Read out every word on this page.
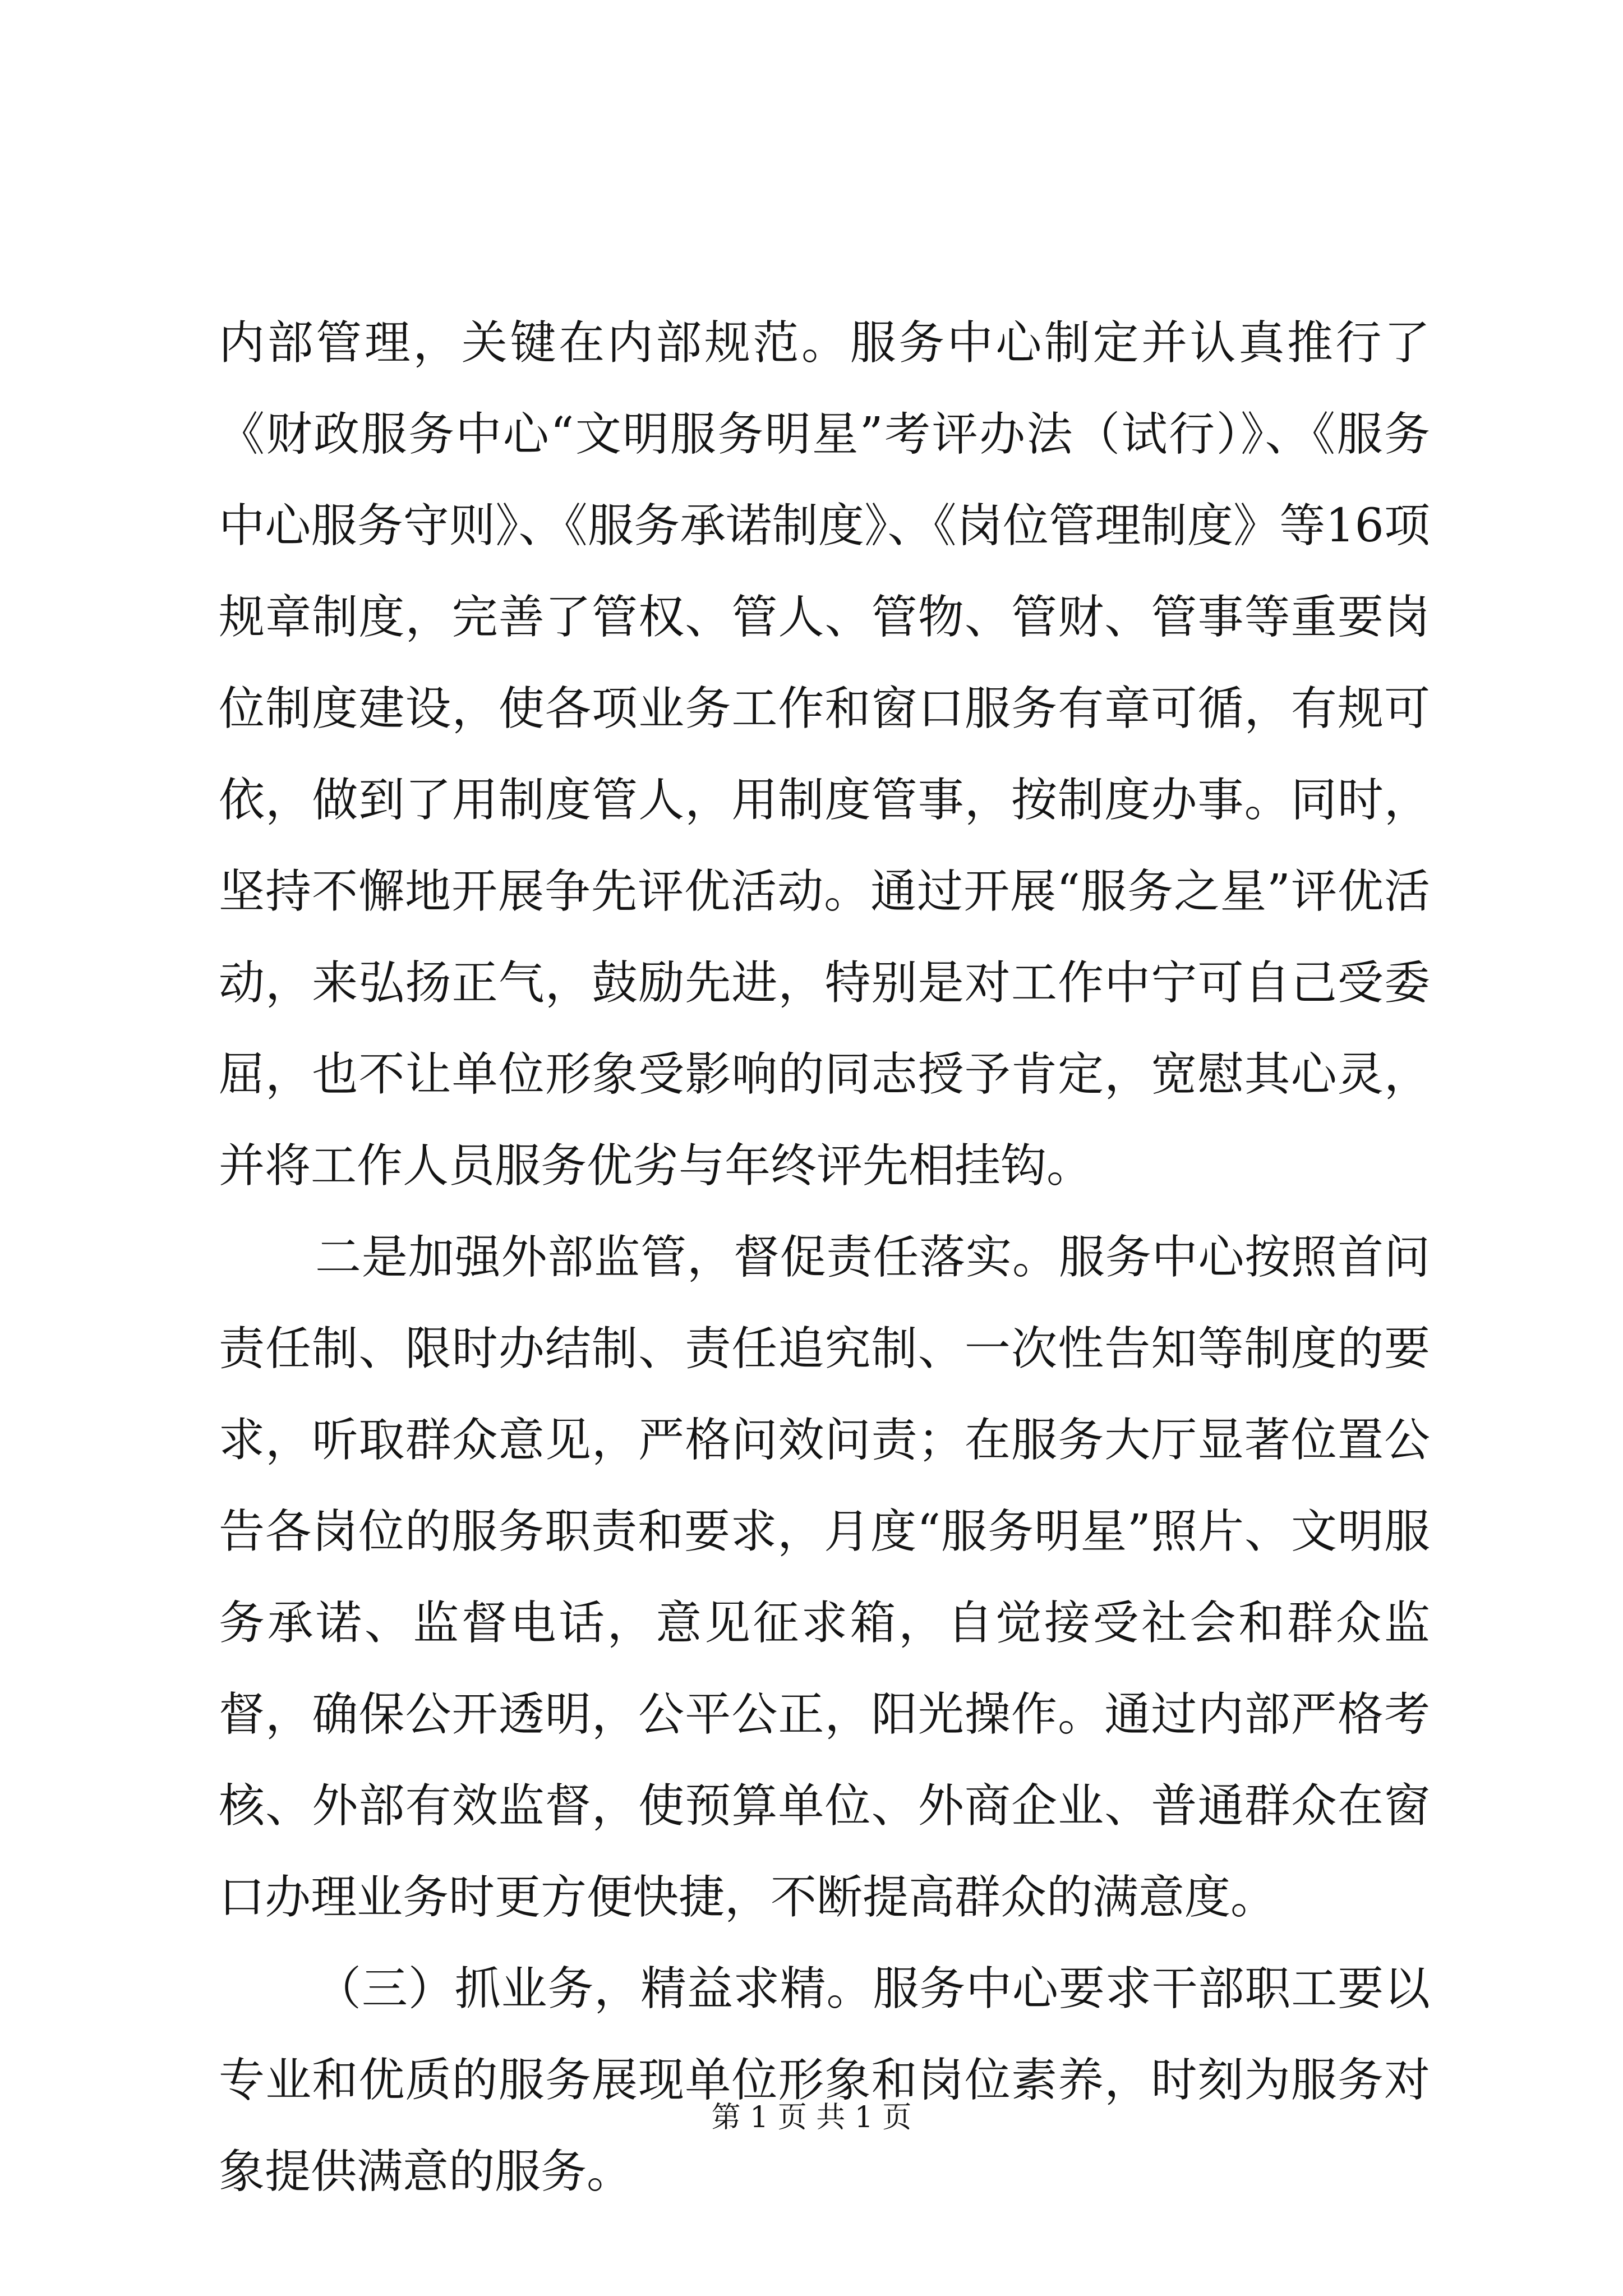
内部管理，关键在内部规范。服务中心制定并认真推行了《财政服务中心“文明服务明星”考评办法（试行）》、《服务中心服务守则》、《服务承诺制度》、《岗位管理制度》等16项规章制度，完善了管权、管人、管物、管财、管事等重要岗位制度建设，使各项业务工作和窗口服务有章可循，有规可依，做到了用制度管人，用制度管事，按制度办事。同时，坚持不懈地开展争先评优活动。通过开展“服务之星”评优活动，来弘扬正气，鼓励先进，特别是对工作中宁可自己受委屈，也不让单位形象受影响的同志授予肯定，宽慰其心灵，并将工作人员服务优劣与年终评先相挂钩。

二是加强外部监管，督促责任落实。服务中心按照首问责任制、限时办结制、责任追究制、一次性告知等制度的要求，听取群众意见，严格问效问责；在服务大厅显著位置公告各岗位的服务职责和要求，月度“服务明星”照片、文明服务承诺、监督电话，意见征求箱，自觉接受社会和群众监督，确保公开透明，公平公正，阳光操作。通过内部严格考核、外部有效监督，使预算单位、外商企业、普通群众在窗口办理业务时更方便快捷，不断提高群众的满意度。

（三）抓业务，精益求精。服务中心要求干部职工要以专业和优质的服务展现单位形象和岗位素养，时刻为服务对象提供满意的服务。

第 1 页 共 1 页
